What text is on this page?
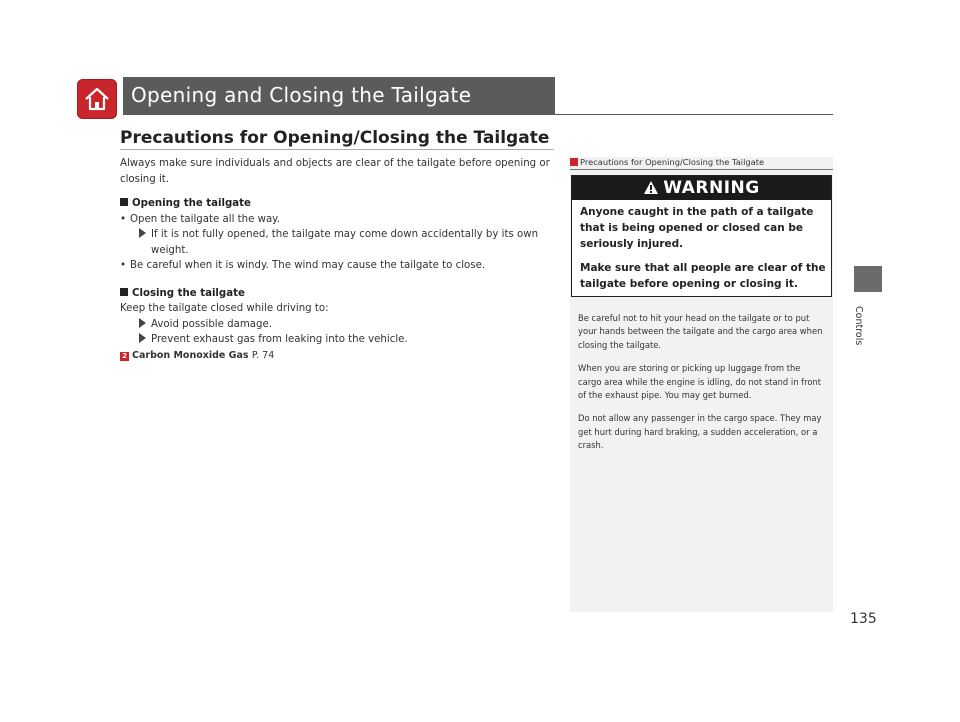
Opening and Closing the Tailgate
Precautions for Opening/Closing the Tailgate

Always make sure individuals and objects are clear of the tailgate before opening or closing it.

Opening the tailgate

• Open the tailgate all the way.

If it is not fully opened, the tailgate may come down accidentally by its own weight.

• Be careful when it is windy. The wind may cause the tailgate to close.

Closing the tailgate

Keep the tailgate closed while driving to:

Avoid possible damage.

Prevent exhaust gas from leaking into the vehicle.

2 Carbon Monoxide Gas P. 74

Precautions for Opening/Closing the Tailgate
WARNING

Anyone caught in the path of a tailgate that is being opened or closed can be seriously injured.

Make sure that all people are clear of the tailgate before opening or closing it.

Be careful not to hit your head on the tailgate or to put your hands between the tailgate and the cargo area when closing the tailgate.

When you are storing or picking up luggage from the cargo area while the engine is idling, do not stand in front of the exhaust pipe. You may get burned.

Do not allow any passenger in the cargo space. They may get hurt during hard braking, a sudden acceleration, or a crash.

Controls
135
